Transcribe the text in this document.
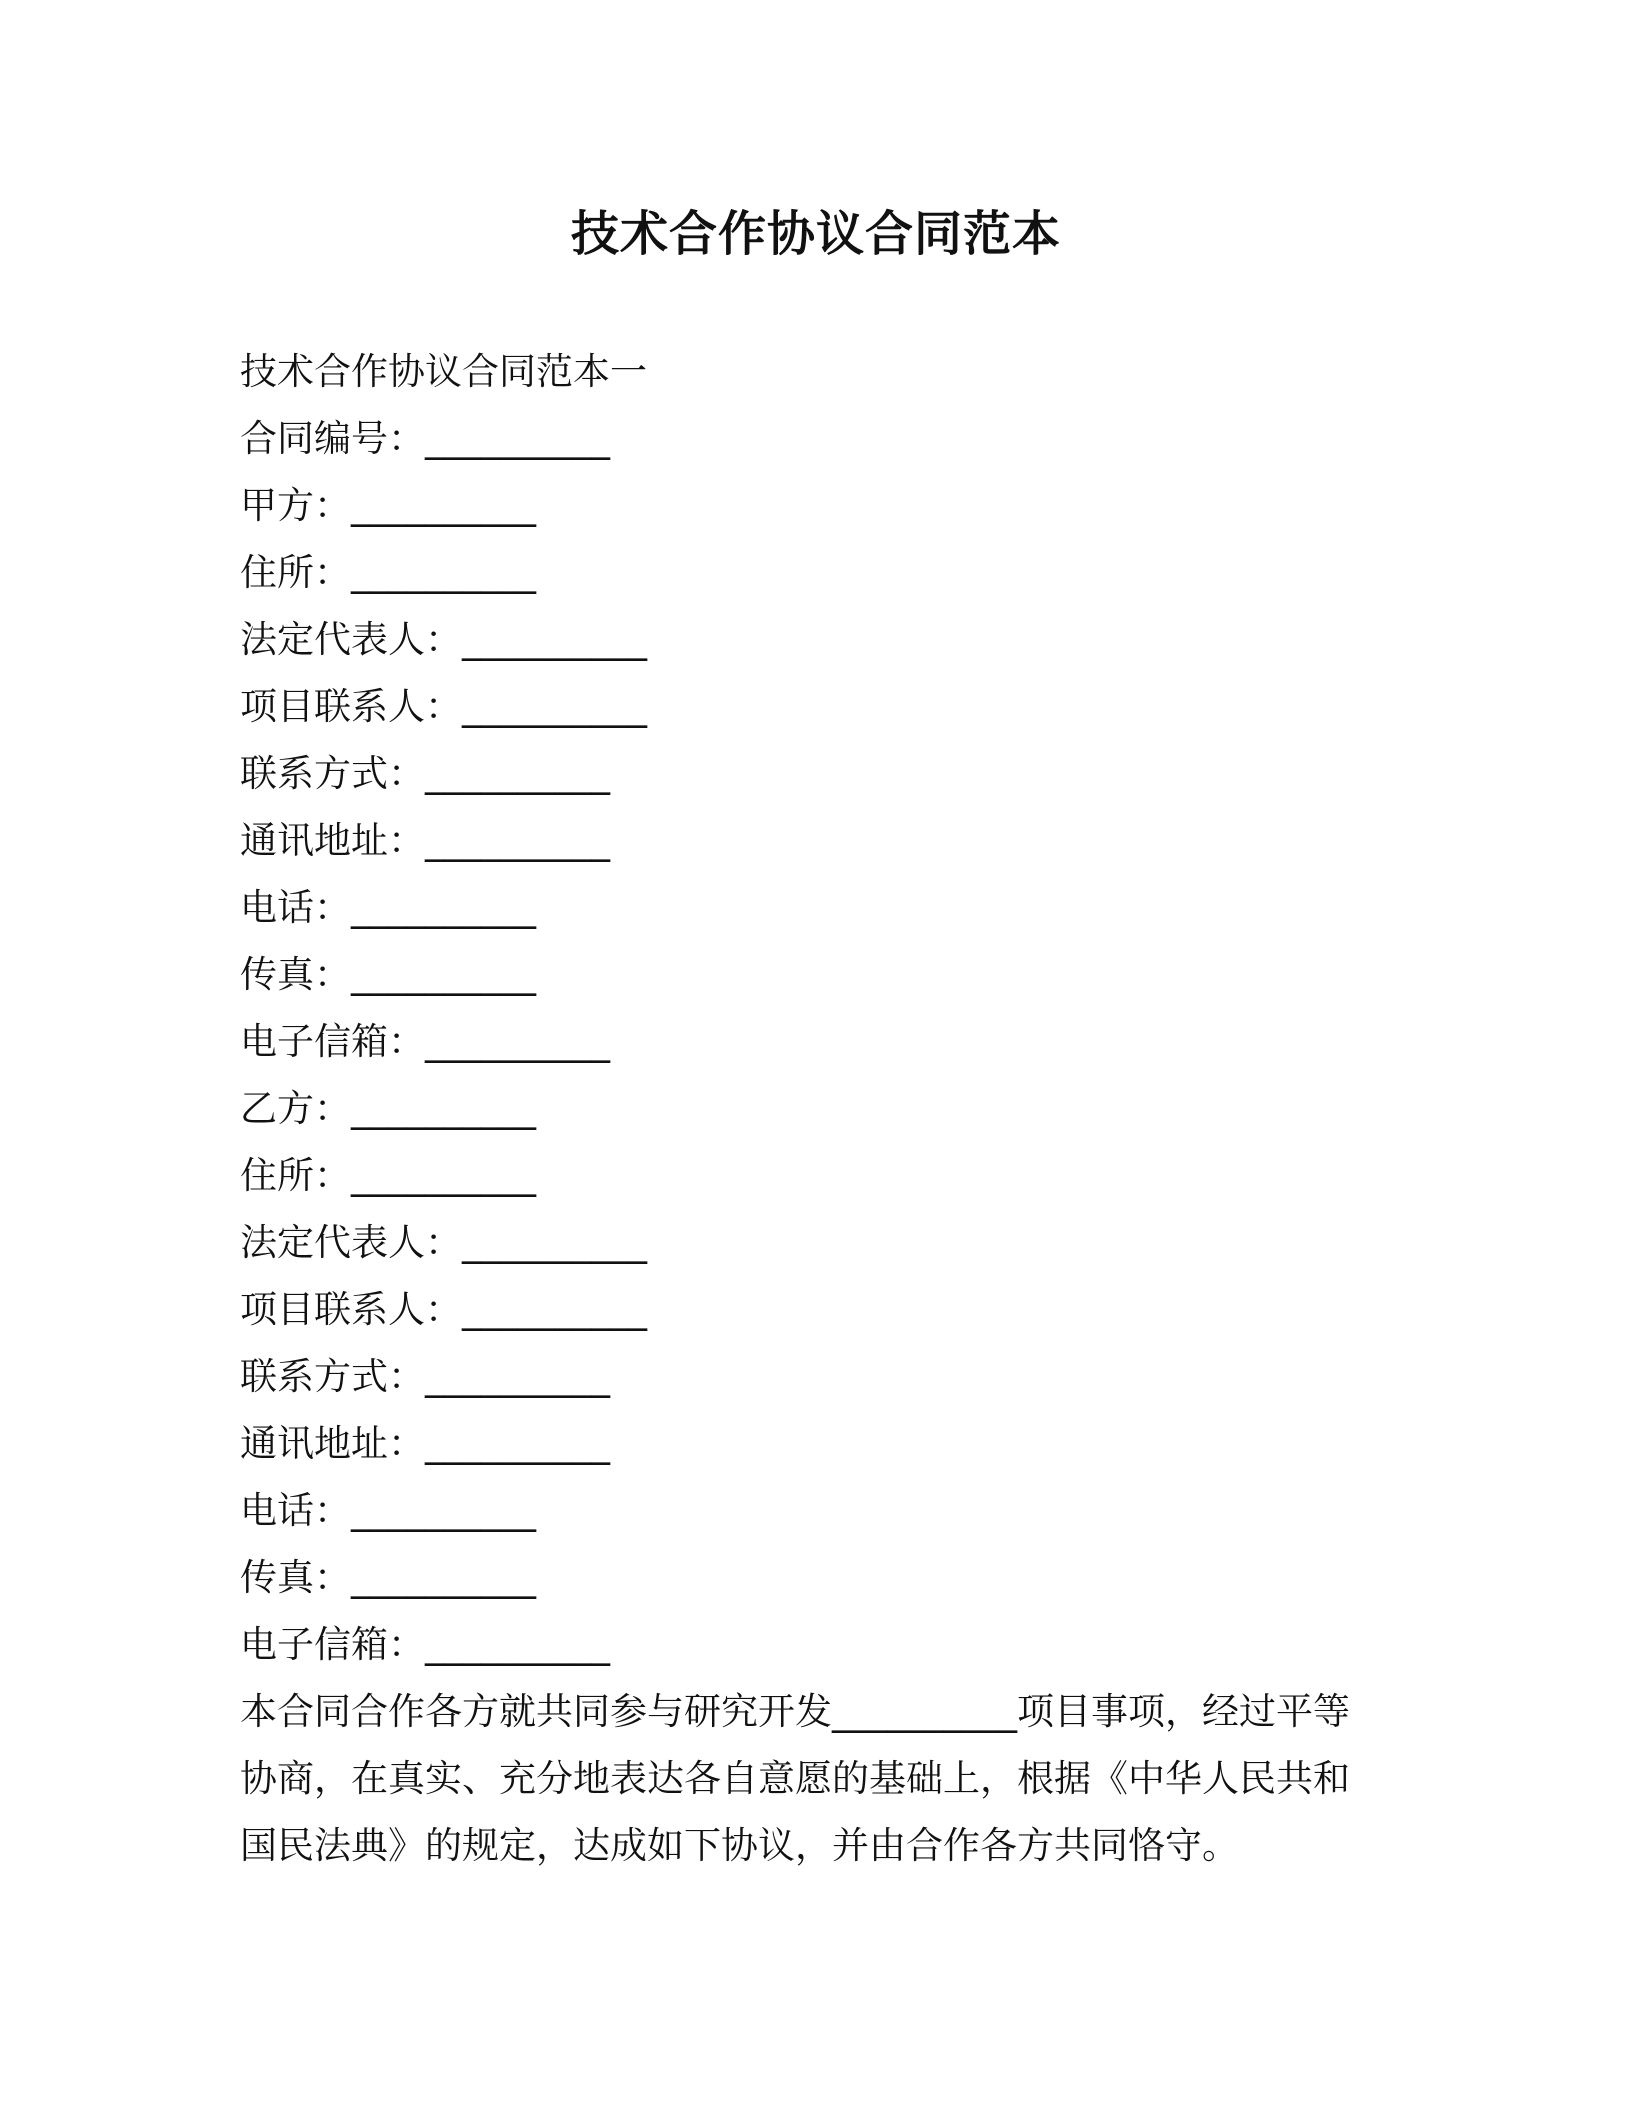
技术合作协议合同范本
技术合作协议合同范本一
合同编号：__________
甲方：__________
住所：__________
法定代表人：__________
项目联系人：__________
联系方式：__________
通讯地址：__________
电话：__________
传真：__________
电子信箱：__________
乙方：__________
住所：__________
法定代表人：__________
项目联系人：__________
联系方式：__________
通讯地址：__________
电话：__________
传真：__________
电子信箱：__________
本合同合作各方就共同参与研究开发__________项目事项，经过平等
协商，在真实、充分地表达各自意愿的基础上，根据《中华人民共和
国民法典》的规定，达成如下协议，并由合作各方共同恪守。
